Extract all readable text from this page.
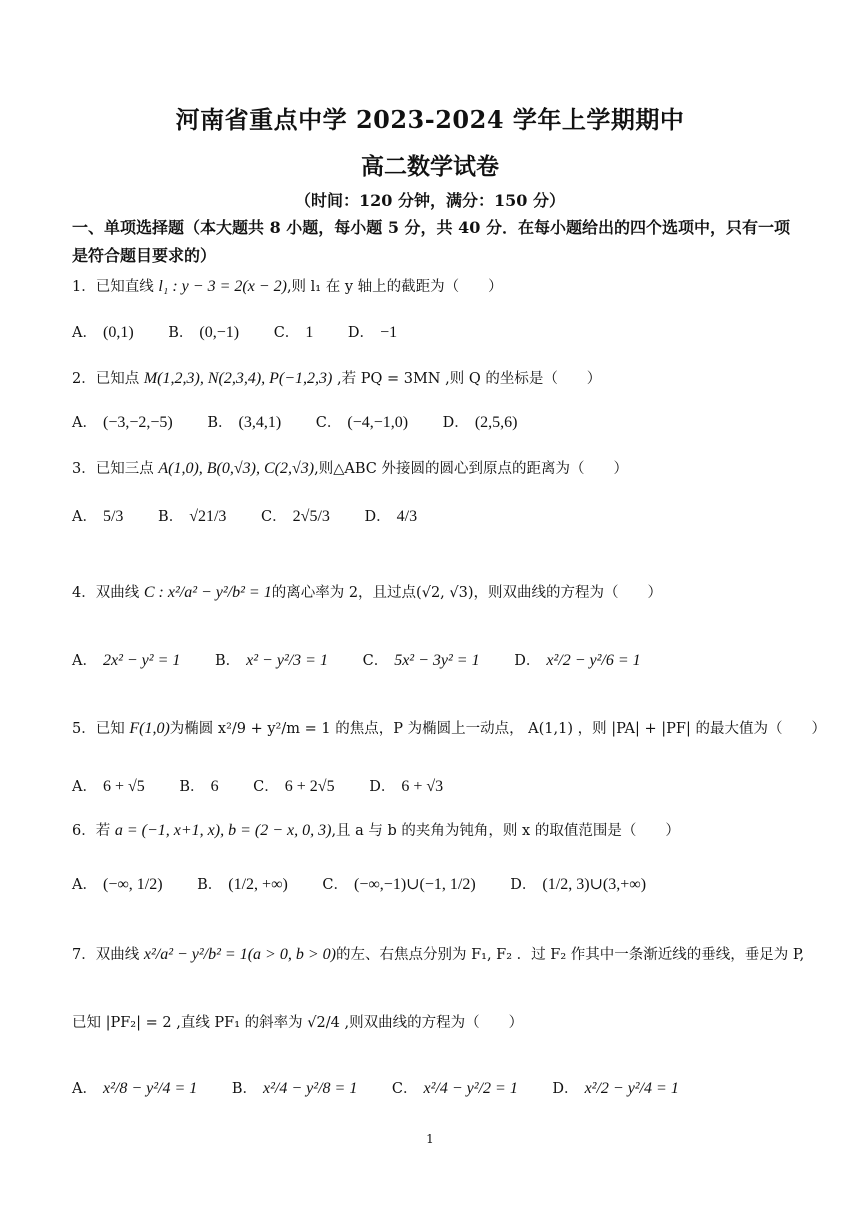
河南省重点中学 2023-2024 学年上学期期中
高二数学试卷
（时间：120 分钟，满分：150 分）
一、单项选择题（本大题共 8 小题，每小题 5 分，共 40 分．在每小题给出的四个选项中，只有一项是符合题目要求的）
1．已知直线 l₁ : y − 3 = 2(x − 2),则 l₁ 在 y 轴上的截距为（　　）
A． (0,1) B． (0,−1) C． 1 D． −1
2．已知点 M(1,2,3), N(2,3,4), P(−1,2,3) ,若 PQ = 3MN ,则 Q 的坐标是（　　）
A． (−3,−2,−5) B． (3,4,1) C． (−4,−1,0) D． (2,5,6)
3．已知三点 A(1,0), B(0,√3), C(2,√3),则△ABC 外接圆的圆心到原点的距离为（　　）
A． 5/3 B． √21/3 C． 2√5/3 D． 4/3
4．双曲线 C : x²/a² − y²/b² = 1的离心率为 2，且过点(√2, √3)，则双曲线的方程为（　　）
A． 2x² − y² = 1 B． x² − y²/3 = 1 C． 5x² − 3y² = 1 D． x²/2 − y²/6 = 1
5．已知 F(1,0)为椭圆 x²/9 + y²/m = 1 的焦点，P 为椭圆上一动点， A(1,1) ，则 |PA| + |PF| 的最大值为（　　）
A． 6 + √5 B． 6 C． 6 + 2√5 D． 6 + √3
6．若 a = (−1, x+1, x), b = (2 − x, 0, 3),且 a 与 b 的夹角为钝角，则 x 的取值范围是（　　）
A． (−∞, 1/2) B． (1/2, +∞) C． (−∞,−1)∪(−1, 1/2) D． (1/2, 3)∪(3,+∞)
7．双曲线 x²/a² − y²/b² = 1(a > 0, b > 0)的左、右焦点分别为 F₁, F₂ ．过 F₂ 作其中一条渐近线的垂线，垂足为 P,
已知 |PF₂| = 2 ,直线 PF₁ 的斜率为 √2/4 ,则双曲线的方程为（　　）
A． x²/8 − y²/4 = 1 B． x²/4 − y²/8 = 1 C． x²/4 − y²/2 = 1 D． x²/2 − y²/4 = 1
1
